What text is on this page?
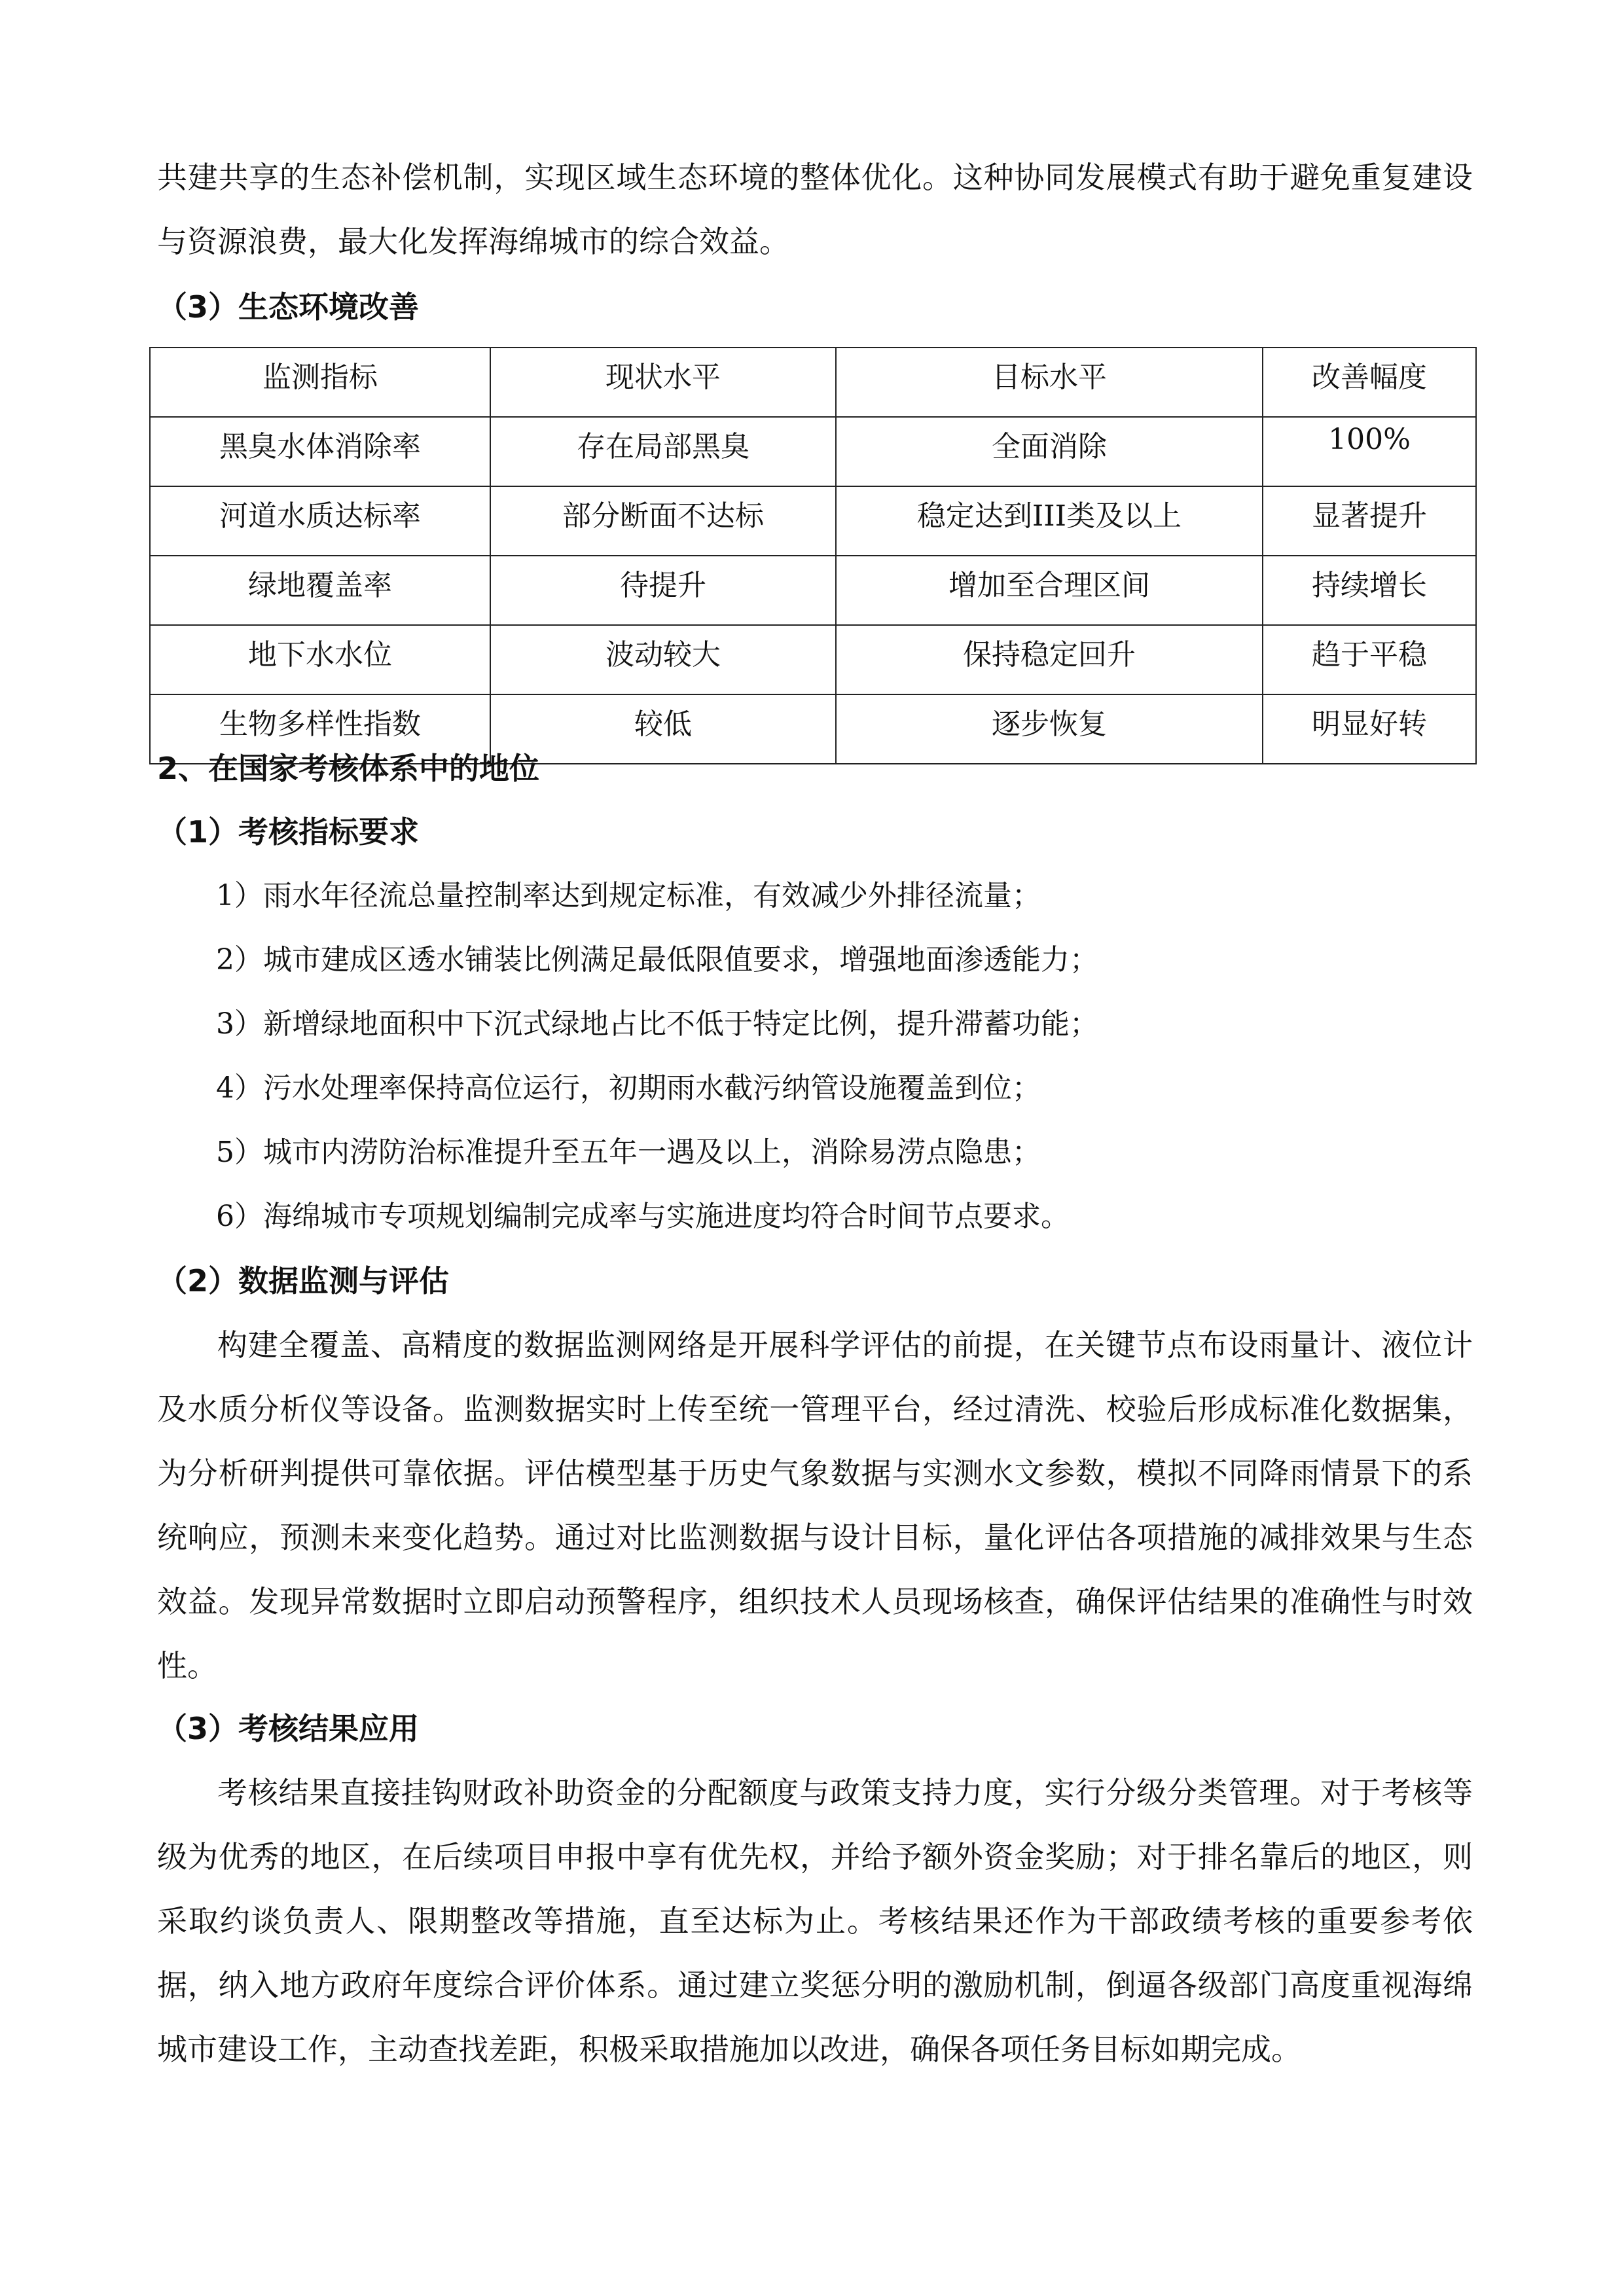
共建共享的生态补偿机制，实现区域生态环境的整体优化。这种协同发展模式有助于避免重复建设与资源浪费，最大化发挥海绵城市的综合效益。

（3）生态环境改善

监测指标	现状水平	目标水平	改善幅度
黑臭水体消除率	存在局部黑臭	全面消除	100%
河道水质达标率	部分断面不达标	稳定达到III类及以上	显著提升
绿地覆盖率	待提升	增加至合理区间	持续增长
地下水水位	波动较大	保持稳定回升	趋于平稳
生物多样性指数	较低	逐步恢复	明显好转

2、在国家考核体系中的地位

（1）考核指标要求

1）雨水年径流总量控制率达到规定标准，有效减少外排径流量；

2）城市建成区透水铺装比例满足最低限值要求，增强地面渗透能力；

3）新增绿地面积中下沉式绿地占比不低于特定比例，提升滞蓄功能；

4）污水处理率保持高位运行，初期雨水截污纳管设施覆盖到位；

5）城市内涝防治标准提升至五年一遇及以上，消除易涝点隐患；

6）海绵城市专项规划编制完成率与实施进度均符合时间节点要求。

（2）数据监测与评估

构建全覆盖、高精度的数据监测网络是开展科学评估的前提，在关键节点布设雨量计、液位计及水质分析仪等设备。监测数据实时上传至统一管理平台，经过清洗、校验后形成标准化数据集，为分析研判提供可靠依据。评估模型基于历史气象数据与实测水文参数，模拟不同降雨情景下的系统响应，预测未来变化趋势。通过对比监测数据与设计目标，量化评估各项措施的减排效果与生态效益。发现异常数据时立即启动预警程序，组织技术人员现场核查，确保评估结果的准确性与时效性。

（3）考核结果应用

考核结果直接挂钩财政补助资金的分配额度与政策支持力度，实行分级分类管理。对于考核等级为优秀的地区，在后续项目申报中享有优先权，并给予额外资金奖励；对于排名靠后的地区，则采取约谈负责人、限期整改等措施，直至达标为止。考核结果还作为干部政绩考核的重要参考依据，纳入地方政府年度综合评价体系。通过建立奖惩分明的激励机制，倒逼各级部门高度重视海绵城市建设工作，主动查找差距，积极采取措施加以改进，确保各项任务目标如期完成。
